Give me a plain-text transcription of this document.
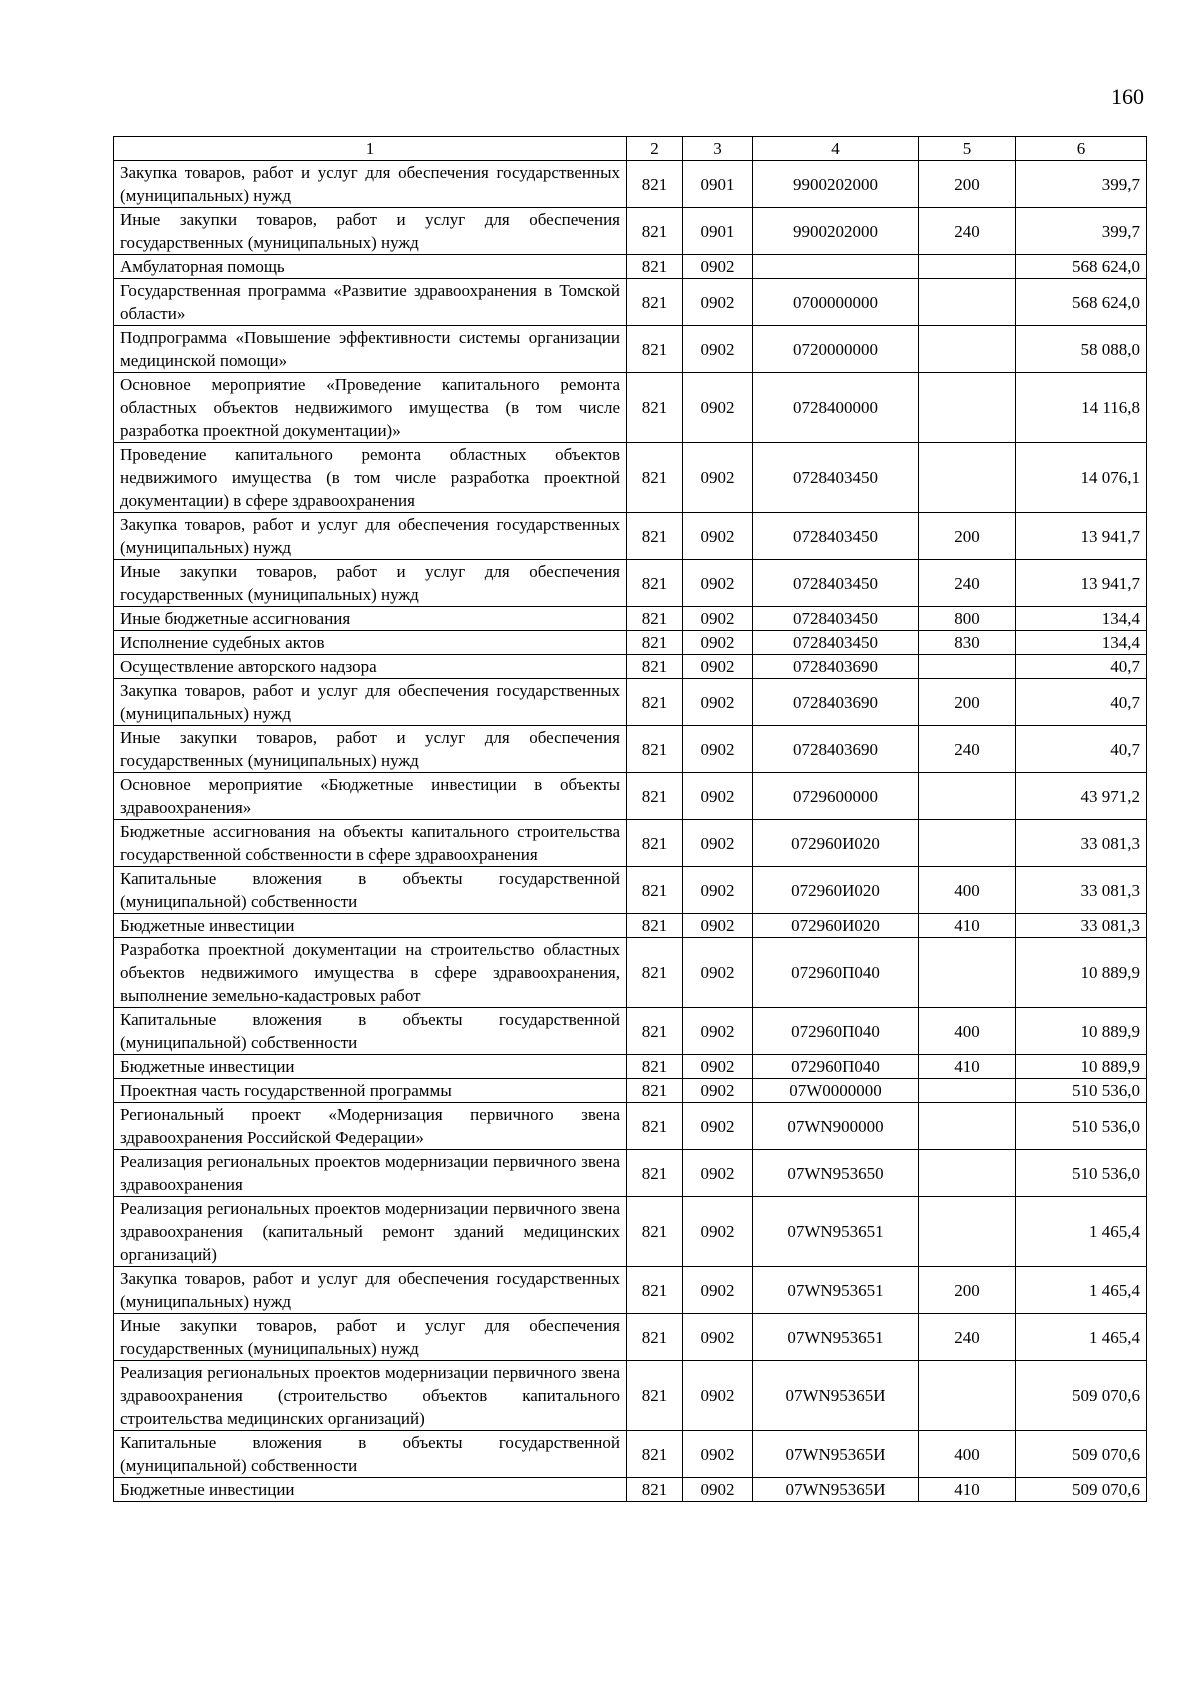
160
1	2	3	4	5	6
Закупка товаров, работ и услуг для обеспечения государственных (муниципальных) нужд	821	0901	9900202000	200	399,7
Иные закупки товаров, работ и услуг для обеспечения государственных (муниципальных) нужд	821	0901	9900202000	240	399,7
Амбулаторная помощь	821	0902			568 624,0
Государственная программа «Развитие здравоохранения в Томской области»	821	0902	0700000000		568 624,0
Подпрограмма «Повышение эффективности системы организации медицинской помощи»	821	0902	0720000000		58 088,0
Основное мероприятие «Проведение капитального ремонта областных объектов недвижимого имущества (в том числе разработка проектной документации)»	821	0902	0728400000		14 116,8
Проведение капитального ремонта областных объектов недвижимого имущества (в том числе разработка проектной документации) в сфере здравоохранения	821	0902	0728403450		14 076,1
Закупка товаров, работ и услуг для обеспечения государственных (муниципальных) нужд	821	0902	0728403450	200	13 941,7
Иные закупки товаров, работ и услуг для обеспечения государственных (муниципальных) нужд	821	0902	0728403450	240	13 941,7
Иные бюджетные ассигнования	821	0902	0728403450	800	134,4
Исполнение судебных актов	821	0902	0728403450	830	134,4
Осуществление авторского надзора	821	0902	0728403690		40,7
Закупка товаров, работ и услуг для обеспечения государственных (муниципальных) нужд	821	0902	0728403690	200	40,7
Иные закупки товаров, работ и услуг для обеспечения государственных (муниципальных) нужд	821	0902	0728403690	240	40,7
Основное мероприятие «Бюджетные инвестиции в объекты здравоохранения»	821	0902	0729600000		43 971,2
Бюджетные ассигнования на объекты капитального строительства государственной собственности в сфере здравоохранения	821	0902	072960И020		33 081,3
Капитальные вложения в объекты государственной (муниципальной) собственности	821	0902	072960И020	400	33 081,3
Бюджетные инвестиции	821	0902	072960И020	410	33 081,3
Разработка проектной документации на строительство областных объектов недвижимого имущества в сфере здравоохранения, выполнение земельно-кадастровых работ	821	0902	072960П040		10 889,9
Капитальные вложения в объекты государственной (муниципальной) собственности	821	0902	072960П040	400	10 889,9
Бюджетные инвестиции	821	0902	072960П040	410	10 889,9
Проектная часть государственной программы	821	0902	07W0000000		510 536,0
Региональный проект «Модернизация первичного звена здравоохранения Российской Федерации»	821	0902	07WN900000		510 536,0
Реализация региональных проектов модернизации первичного звена здравоохранения	821	0902	07WN953650		510 536,0
Реализация региональных проектов модернизации первичного звена здравоохранения (капитальный ремонт зданий медицинских организаций)	821	0902	07WN953651		1 465,4
Закупка товаров, работ и услуг для обеспечения государственных (муниципальных) нужд	821	0902	07WN953651	200	1 465,4
Иные закупки товаров, работ и услуг для обеспечения государственных (муниципальных) нужд	821	0902	07WN953651	240	1 465,4
Реализация региональных проектов модернизации первичного звена здравоохранения (строительство объектов капитального строительства медицинских организаций)	821	0902	07WN95365И		509 070,6
Капитальные вложения в объекты государственной (муниципальной) собственности	821	0902	07WN95365И	400	509 070,6
Бюджетные инвестиции	821	0902	07WN95365И	410	509 070,6
